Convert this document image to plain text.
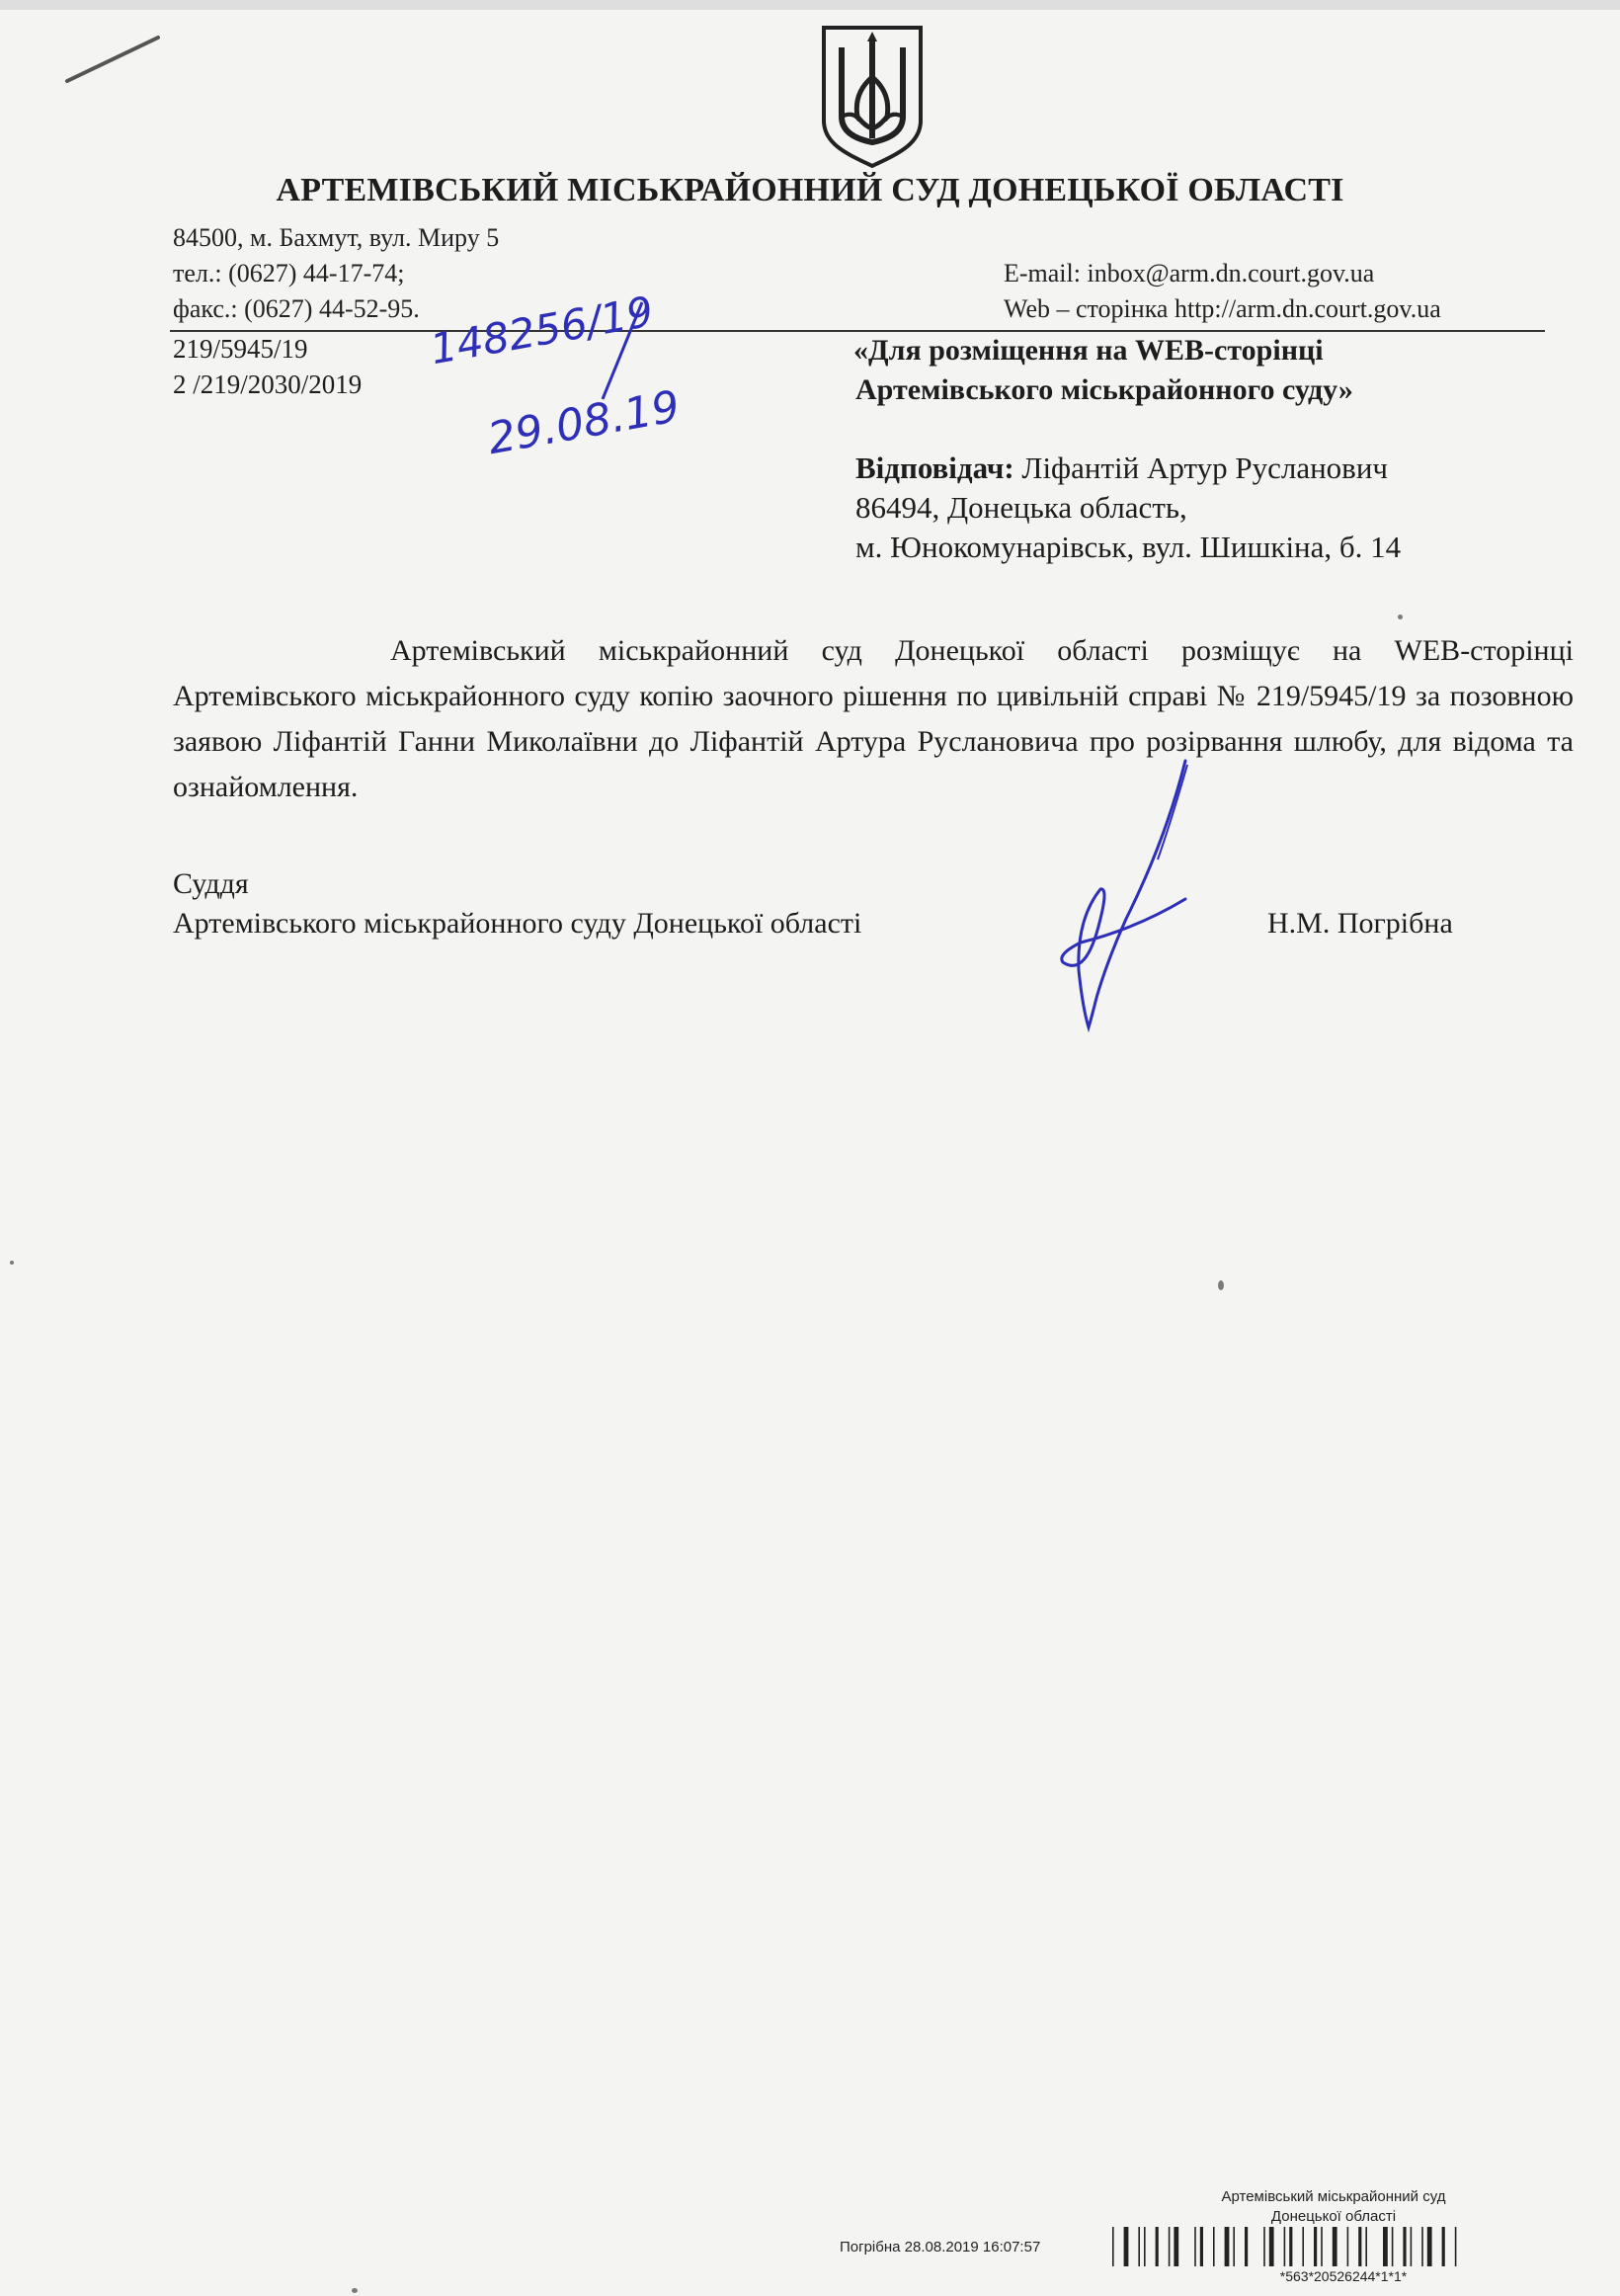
АРТЕМІВСЬКИЙ МІСЬКРАЙОННИЙ СУД ДОНЕЦЬКОЇ ОБЛАСТІ
84500, м. Бахмут, вул. Миру 5
тел.: (0627) 44-17-74;
факс.: (0627) 44-52-95.
E-mail: inbox@arm.dn.court.gov.ua
Web – сторінка http://arm.dn.court.gov.ua
219/5945/19
2 /219/2030/2019
148256/19
29.08.19
«Для розміщення на WEB-сторінці
Артемівського міськрайонного суду»
Відповідач: Ліфантій Артур Русланович
86494, Донецька область,
м. Юнокомунарівськ, вул. Шишкіна, б. 14
Артемівський міськрайонний суд Донецької області розміщує на WEB-сторінці Артемівського міськрайонного суду копію заочного рішення по цивільній справі № 219/5945/19 за позовною заявою Ліфантій Ганни Миколаївни до Ліфантій Артура Руслановича про розірвання шлюбу, для відома та ознайомлення.
Суддя
Артемівського міськрайонного суду Донецької області	Н.М. Погрібна
Артемівський міськрайонний суд
Донецької області
Погрібна 28.08.2019 16:07:57
*563*20526244*1*1*
